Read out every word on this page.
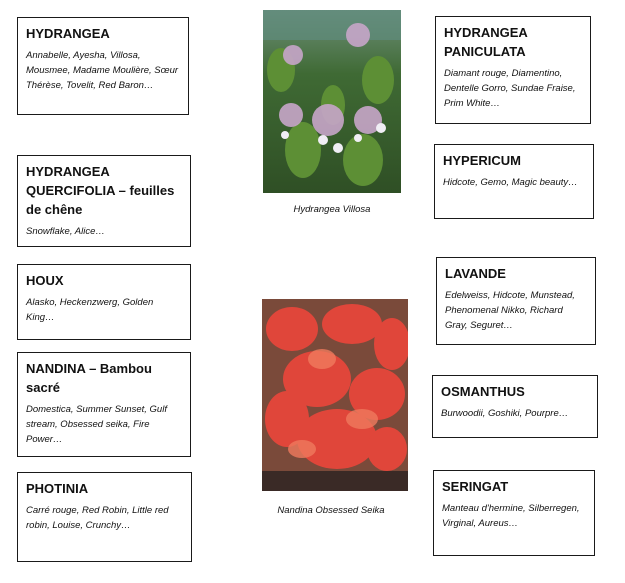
HYDRANGEA
Annabelle, Ayesha, Villosa, Mousmee, Madame Moulière, Sœur Thérèse, Tovelit, Red Baron…
HYDRANGEA QUERCIFOLIA – feuilles de chêne
Snowflake, Alice…
HOUX
Alasko, Heckenzwerg, Golden King…
NANDINA – Bambou sacré
Domestica, Summer Sunset, Gulf stream, Obsessed seika, Fire Power…
PHOTINIA
Carré rouge, Red Robin, Little red robin, Louise, Crunchy…
Hydrangea Villosa
Nandina Obsessed Seika
HYDRANGEA PANICULATA
Diamant rouge, Diamentino, Dentelle Gorro, Sundae Fraise, Prim White…
HYPERICUM
Hidcote, Gemo, Magic beauty…
LAVANDE
Edelweiss, Hidcote, Munstead, Phenomenal Nikko, Richard Gray, Seguret…
OSMANTHUS
Burwoodii, Goshiki, Pourpre…
SERINGAT
Manteau d'hermine, Silberregen, Virginal, Aureus…
